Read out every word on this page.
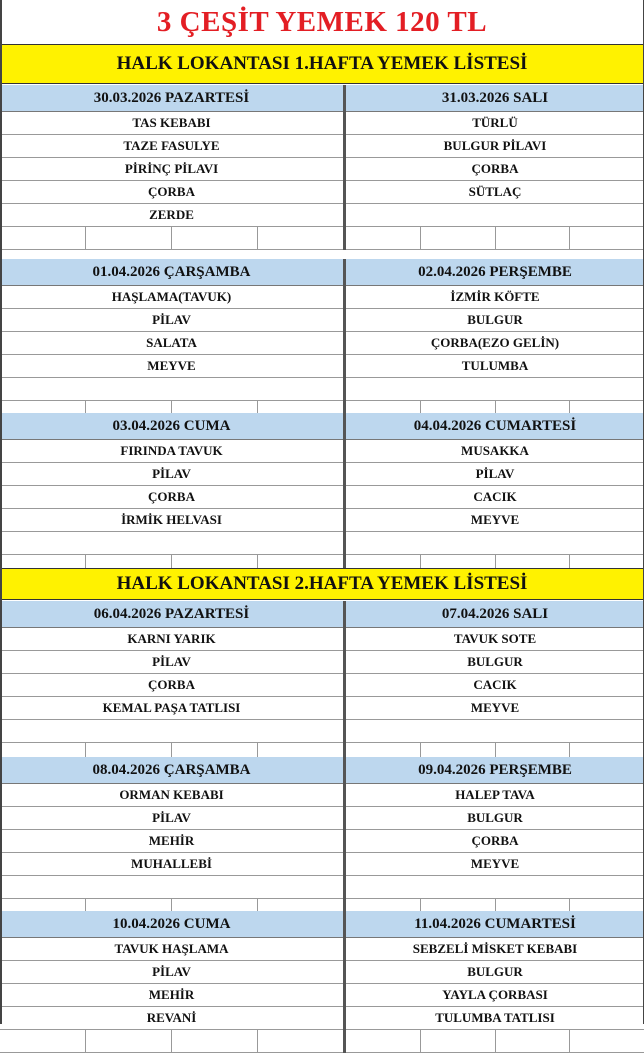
3 ÇEŞİT YEMEK 120 TL
HALK LOKANTASI 1.HAFTA YEMEK LİSTESİ
30.03.2026 PAZARTESİ
TAS KEBABI
TAZE FASULYE
PİRİNÇ PİLAVI
ÇORBA
ZERDE
31.03.2026 SALI
TÜRLÜ
BULGUR PİLAVI
ÇORBA
SÜTLAÇ
01.04.2026 ÇARŞAMBA
HAŞLAMA(TAVUK)
PİLAV
SALATA
MEYVE
02.04.2026 PERŞEMBE
İZMİR KÖFTE
BULGUR
ÇORBA(EZO GELİN)
TULUMBA
03.04.2026 CUMA
FIRINDA TAVUK
PİLAV
ÇORBA
İRMİK HELVASI
04.04.2026 CUMARTESİ
MUSAKKA
PİLAV
CACIK
MEYVE
HALK LOKANTASI 2.HAFTA YEMEK LİSTESİ
06.04.2026 PAZARTESİ
KARNI YARIK
PİLAV
ÇORBA
KEMAL PAŞA TATLISI
07.04.2026 SALI
TAVUK SOTE
BULGUR
CACIK
MEYVE
08.04.2026 ÇARŞAMBA
ORMAN KEBABI
PİLAV
MEHİR
MUHALLEBİ
09.04.2026 PERŞEMBE
HALEP TAVA
BULGUR
ÇORBA
MEYVE
10.04.2026 CUMA
TAVUK HAŞLAMA
PİLAV
MEHİR
REVANİ
11.04.2026 CUMARTESİ
SEBZELİ MİSKET KEBABI
BULGUR
YAYLA ÇORBASI
TULUMBA TATLISI
